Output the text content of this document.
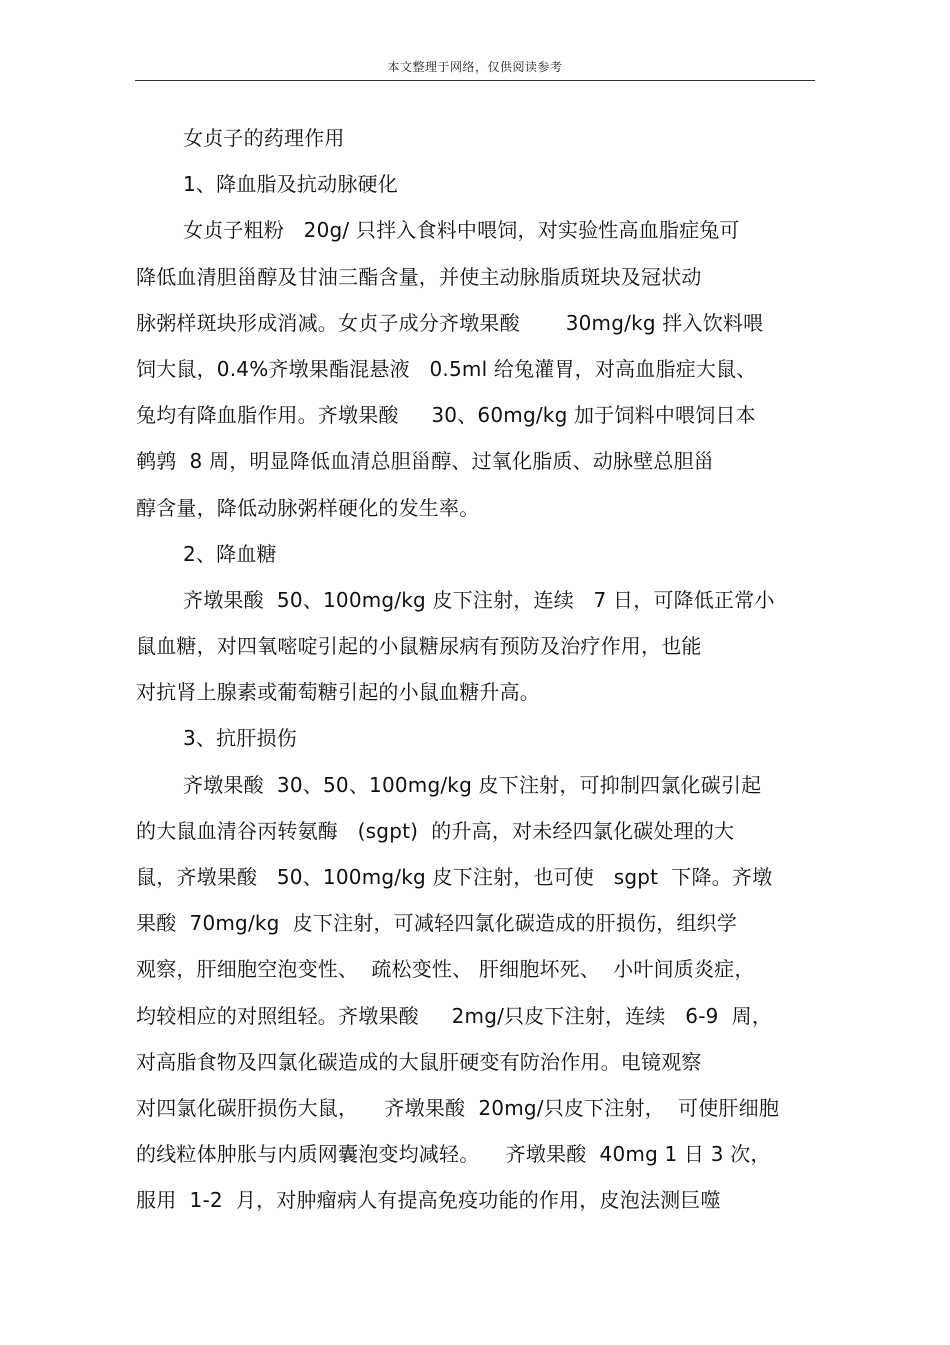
本文整理于网络，仅供阅读参考
女贞子的药理作用
1、降血脂及抗动脉硬化
女贞子粗粉   20g/ 只拌入食料中喂饲，对实验性高血脂症兔可
降低血清胆甾醇及甘油三酯含量，并使主动脉脂质斑块及冠状动
脉粥样斑块形成消减。女贞子成分齐墩果酸       30mg/kg 拌入饮料喂
饲大鼠，0.4%齐墩果酯混悬液   0.5ml 给兔灌胃，对高血脂症大鼠、
兔均有降血脂作用。齐墩果酸     30、60mg/kg 加于饲料中喂饲日本
鹌鹑  8 周，明显降低血清总胆甾醇、过氧化脂质、动脉壁总胆甾
醇含量，降低动脉粥样硬化的发生率。
2、降血糖
齐墩果酸  50、100mg/kg 皮下注射，连续   7 日，可降低正常小
鼠血糖，对四氧嘧啶引起的小鼠糖尿病有预防及治疗作用，也能
对抗肾上腺素或葡萄糖引起的小鼠血糖升高。
3、抗肝损伤
齐墩果酸  30、50、100mg/kg 皮下注射，可抑制四氯化碳引起
的大鼠血清谷丙转氨酶   (sgpt)  的升高，对未经四氯化碳处理的大
鼠，齐墩果酸   50、100mg/kg 皮下注射，也可使   sgpt  下降。齐墩
果酸  70mg/kg  皮下注射，可减轻四氯化碳造成的肝损伤，组织学
观察，肝细胞空泡变性、  疏松变性、 肝细胞坏死、  小叶间质炎症，
均较相应的对照组轻。齐墩果酸     2mg/只皮下注射，连续   6-9  周，
对高脂食物及四氯化碳造成的大鼠肝硬变有防治作用。电镜观察
对四氯化碳肝损伤大鼠，    齐墩果酸  20mg/只皮下注射，  可使肝细胞
的线粒体肿胀与内质网囊泡变均减轻。    齐墩果酸  40mg 1 日 3 次，
服用  1-2  月，对肿瘤病人有提高免疫功能的作用，皮泡法测巨噬
